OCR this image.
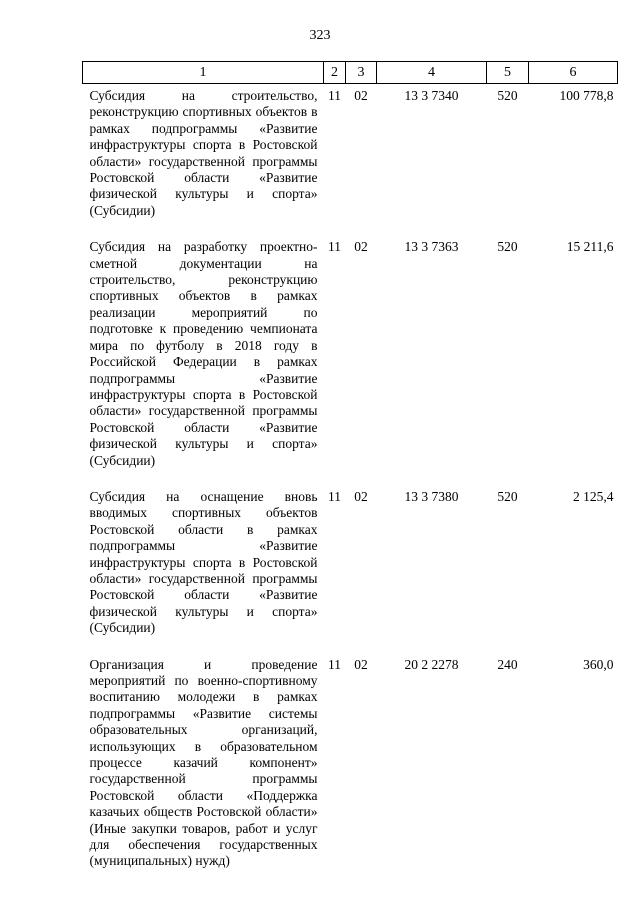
323
1	2	3	4	5	6
Субсидия на строительство, реконструкцию спортивных объектов в рамках подпрограммы «Развитие инфраструктуры спорта в Ростовской области» государственной программы Ростовской области «Развитие физической культуры и спорта» (Субсидии)	11	02	13 3 7340	520	100 778,8
Субсидия на разработку проектно-сметной документации на строительство, реконструкцию спортивных объектов в рамках реализации мероприятий по подготовке к проведению чемпионата мира по футболу в 2018 году в Российской Федерации в рамках подпрограммы «Развитие инфраструктуры спорта в Ростовской области» государственной программы Ростовской области «Развитие физической культуры и спорта» (Субсидии)	11	02	13 3 7363	520	15 211,6
Субсидия на оснащение вновь вводимых спортивных объектов Ростовской области в рамках подпрограммы «Развитие инфраструктуры спорта в Ростовской области» государственной программы Ростовской области «Развитие физической культуры и спорта» (Субсидии)	11	02	13 3 7380	520	2 125,4
Организация и проведение мероприятий по военно-спортивному воспитанию молодежи в рамках подпрограммы «Развитие системы образовательных организаций, использующих в образовательном процессе казачий компонент» государственной программы Ростовской области «Поддержка казачьих обществ Ростовской области» (Иные закупки товаров, работ и услуг для обеспечения государственных (муниципальных) нужд)	11	02	20 2 2278	240	360,0
